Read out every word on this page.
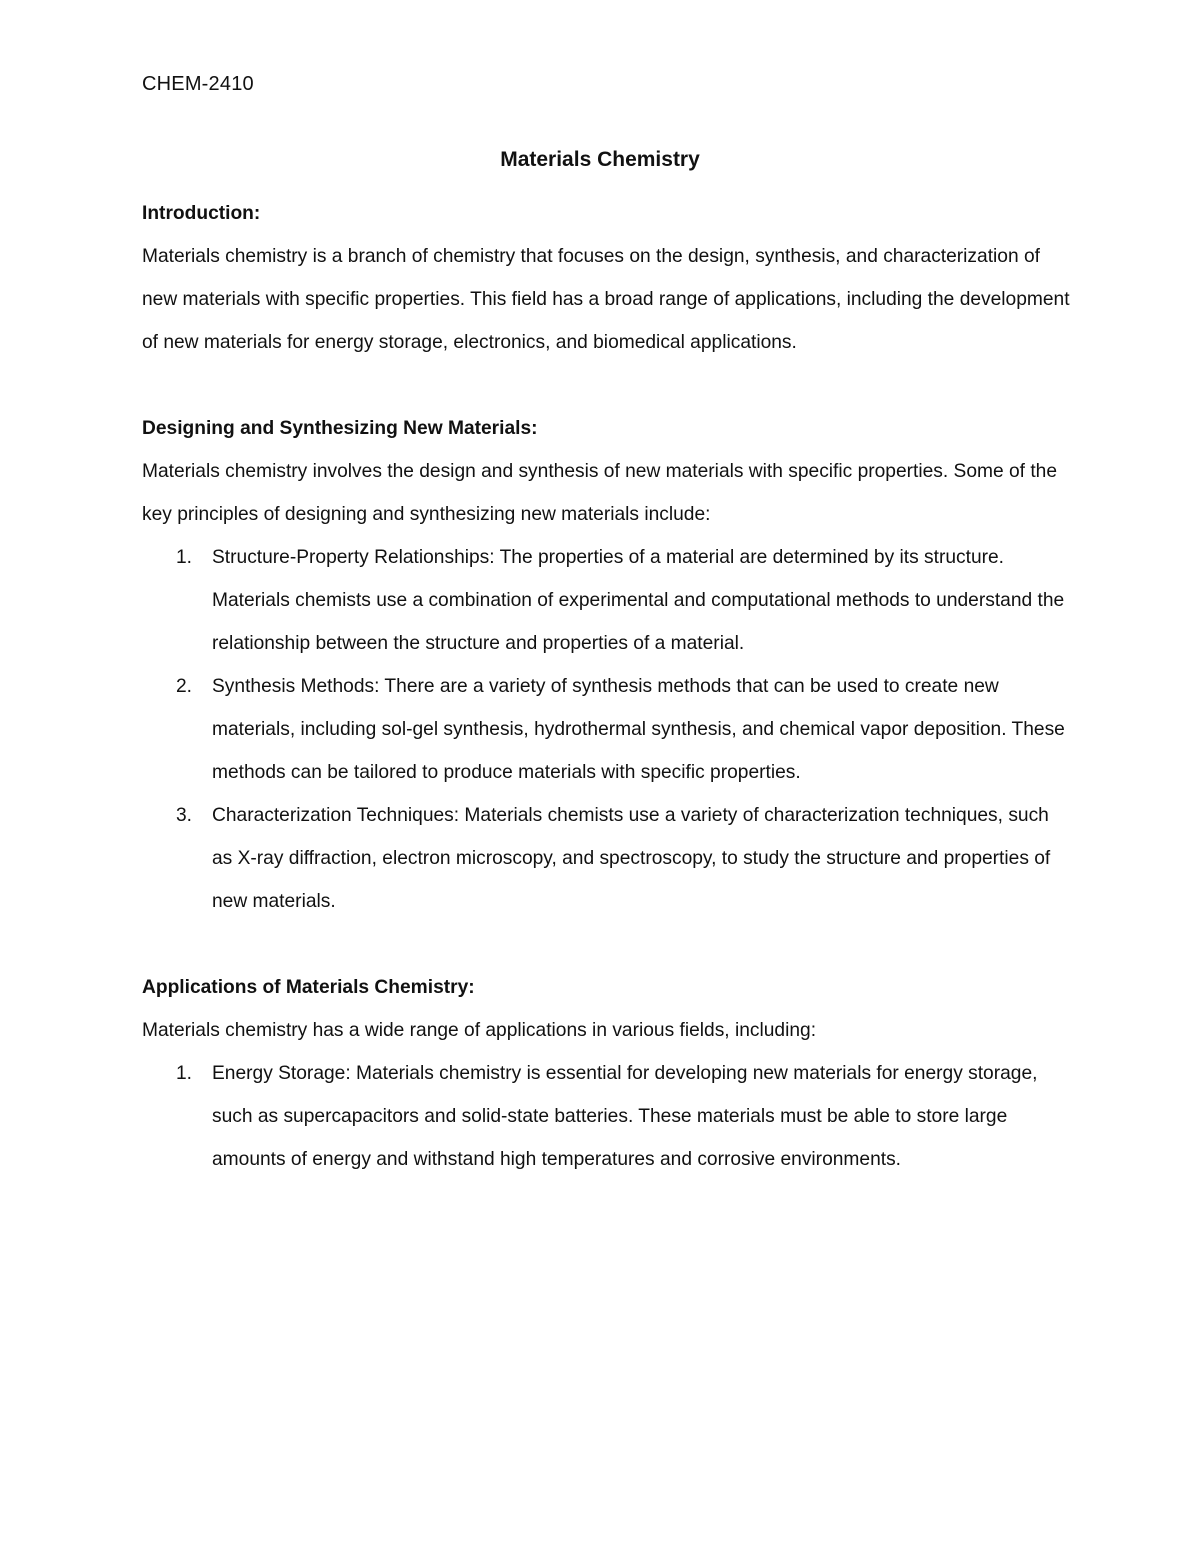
CHEM-2410
Materials Chemistry
Introduction:

Materials chemistry is a branch of chemistry that focuses on the design, synthesis, and characterization of new materials with specific properties. This field has a broad range of applications, including the development of new materials for energy storage, electronics, and biomedical applications.

Designing and Synthesizing New Materials:

Materials chemistry involves the design and synthesis of new materials with specific properties. Some of the key principles of designing and synthesizing new materials include:

1. Structure-Property Relationships: The properties of a material are determined by its structure. Materials chemists use a combination of experimental and computational methods to understand the relationship between the structure and properties of a material.
2. Synthesis Methods: There are a variety of synthesis methods that can be used to create new materials, including sol-gel synthesis, hydrothermal synthesis, and chemical vapor deposition. These methods can be tailored to produce materials with specific properties.
3. Characterization Techniques: Materials chemists use a variety of characterization techniques, such as X-ray diffraction, electron microscopy, and spectroscopy, to study the structure and properties of new materials.
Applications of Materials Chemistry:

Materials chemistry has a wide range of applications in various fields, including:

1. Energy Storage: Materials chemistry is essential for developing new materials for energy storage, such as supercapacitors and solid-state batteries. These materials must be able to store large amounts of energy and withstand high temperatures and corrosive environments.
